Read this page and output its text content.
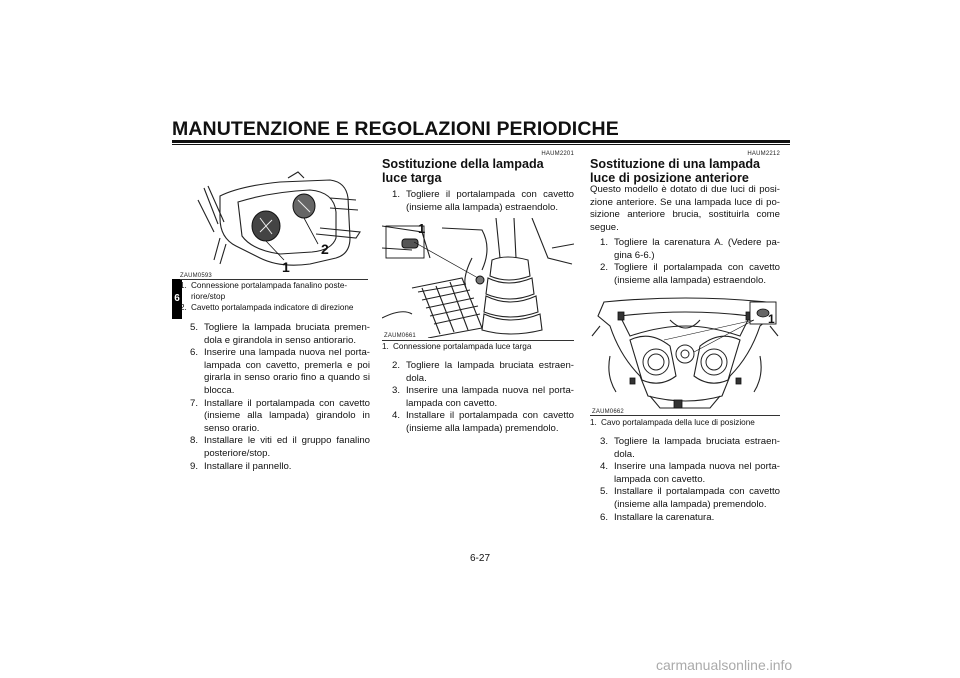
MANUTENZIONE E REGOLAZIONI PERIODICHE
6
1
2
ZAUM0593
1. Connessione portalampada fanalino poste-riore/stop
2. Cavetto portalampada indicatore di direzione
5. Togliere la lampada bruciata premen-dola e girandola in senso antiorario.
6. Inserire una lampada nuova nel porta-lampada con cavetto, premerla e poi girarla in senso orario fino a quando si blocca.
7. Installare il portalampada con cavetto (insieme alla lampada) girandolo in senso orario.
8. Installare le viti ed il gruppo fanalino posteriore/stop.
9. Installare il pannello.
HAUM2201
Sostituzione della lampada luce targa
1. Togliere il portalampada con cavetto (insieme alla lampada) estraendolo.
1
ZAUM0661
1. Connessione portalampada luce targa
2. Togliere la lampada bruciata estraen-dola.
3. Inserire una lampada nuova nel porta-lampada con cavetto.
4. Installare il portalampada con cavetto (insieme alla lampada) premendolo.
HAUM2212
Sostituzione di una lampada luce di posizione anteriore
Questo modello è dotato di due luci di posi-zione anteriore. Se una lampada luce di po-sizione anteriore brucia, sostituirla come segue.
1. Togliere la carenatura A. (Vedere pa-gina 6-6.)
2. Togliere il portalampada con cavetto (insieme alla lampada) estraendolo.
1
ZAUM0662
1. Cavo portalampada della luce di posizione
3. Togliere la lampada bruciata estraen-dola.
4. Inserire una lampada nuova nel porta-lampada con cavetto.
5. Installare il portalampada con cavetto (insieme alla lampada) premendolo.
6. Installare la carenatura.
6-27
carmanualsonline.info
